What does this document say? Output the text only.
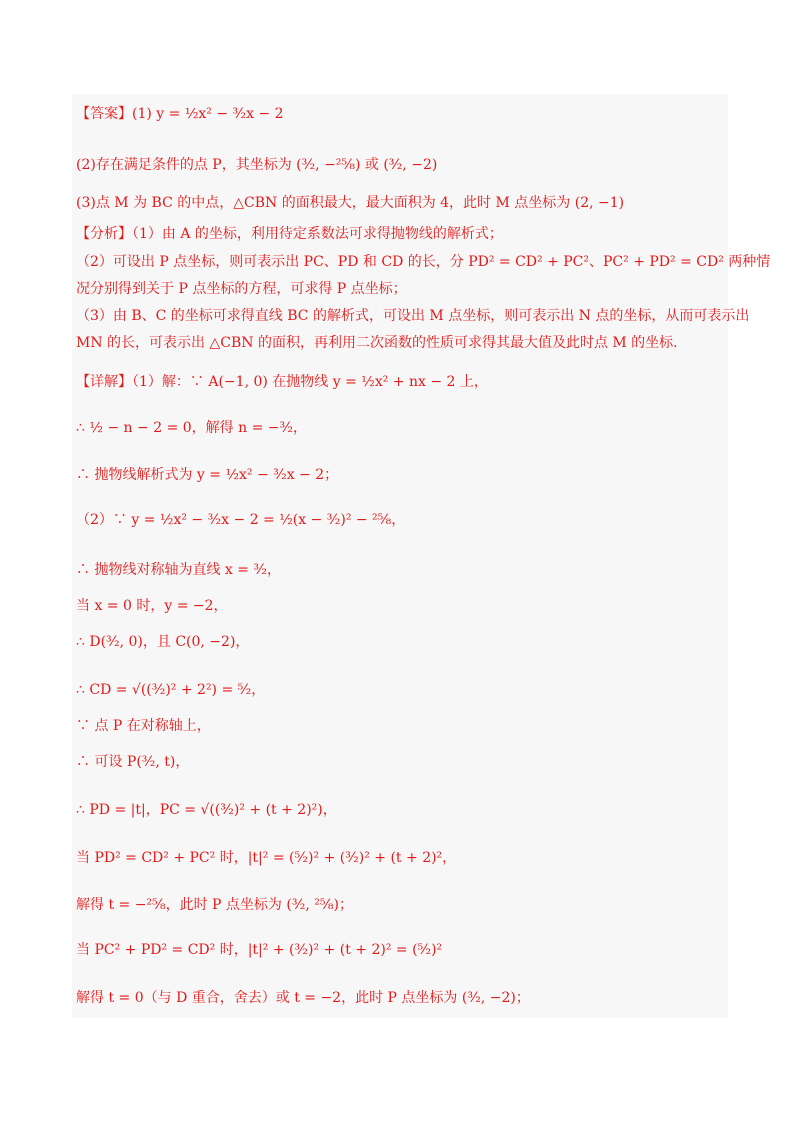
【答案】(1) y = ½x² − ³⁄₂x − 2
(2)存在满足条件的点 P，其坐标为 (³⁄₂, −²⁵⁄₈) 或 (³⁄₂, −2)
(3)点 M 为 BC 的中点，△CBN 的面积最大，最大面积为 4，此时 M 点坐标为 (2, −1)
【分析】（1）由 A 的坐标，利用待定系数法可求得抛物线的解析式；
（2）可设出 P 点坐标，则可表示出 PC、PD 和 CD 的长，分 PD² = CD² + PC²、PC² + PD² = CD² 两种情
况分别得到关于 P 点坐标的方程，可求得 P 点坐标；
（3）由 B、C 的坐标可求得直线 BC 的解析式，可设出 M 点坐标，则可表示出 N 点的坐标，从而可表示出
MN 的长，可表示出 △CBN 的面积，再利用二次函数的性质可求得其最大值及此时点 M 的坐标.
【详解】（1）解：∵ A(−1, 0) 在抛物线 y = ½x² + nx − 2 上，
∴ ½ − n − 2 = 0，解得 n = −³⁄₂，
∴ 抛物线解析式为 y = ½x² − ³⁄₂x − 2；
（2）∵ y = ½x² − ³⁄₂x − 2 = ½(x − ³⁄₂)² − ²⁵⁄₈，
∴ 抛物线对称轴为直线 x = ³⁄₂，
当 x = 0 时，y = −2，
∴ D(³⁄₂, 0)，且 C(0, −2)，
∴ CD = √((³⁄₂)² + 2²) = ⁵⁄₂，
∵ 点 P 在对称轴上，
∴ 可设 P(³⁄₂, t)，
∴ PD = |t|，PC = √((³⁄₂)² + (t + 2)²)，
当 PD² = CD² + PC² 时，|t|² = (⁵⁄₂)² + (³⁄₂)² + (t + 2)²，
解得 t = −²⁵⁄₈，此时 P 点坐标为 (³⁄₂, ²⁵⁄₈)；
当 PC² + PD² = CD² 时，|t|² + (³⁄₂)² + (t + 2)² = (⁵⁄₂)²
解得 t = 0（与 D 重合，舍去）或 t = −2，此时 P 点坐标为 (³⁄₂, −2)；
